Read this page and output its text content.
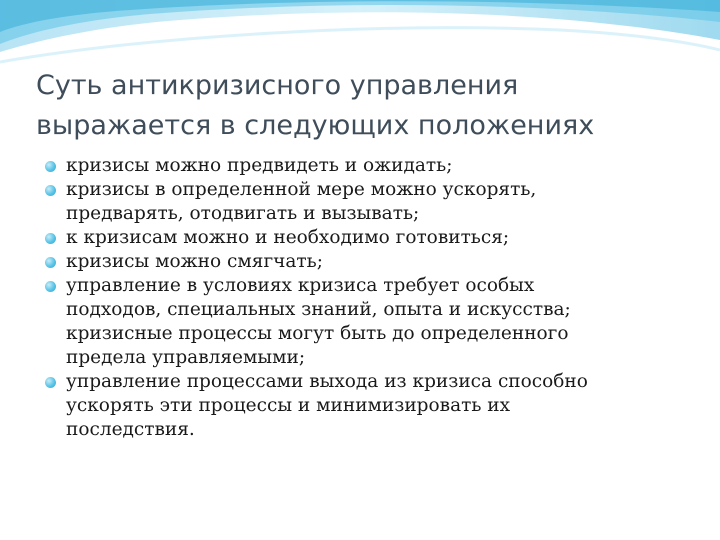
Суть антикризисного управления
выражается в следующих положениях
кризисы можно предвидеть и ожидать;
кризисы в определенной мере можно ускорять,
предварять, отодвигать и вызывать;
к кризисам можно и необходимо готовиться;
кризисы можно смягчать;
управление в условиях кризиса требует особых
подходов, специальных знаний, опыта и искусства;
кризисные процессы могут быть до определенного
предела управляемыми;
управление процессами выхода из кризиса способно
ускорять эти процессы и минимизировать их
последствия.
